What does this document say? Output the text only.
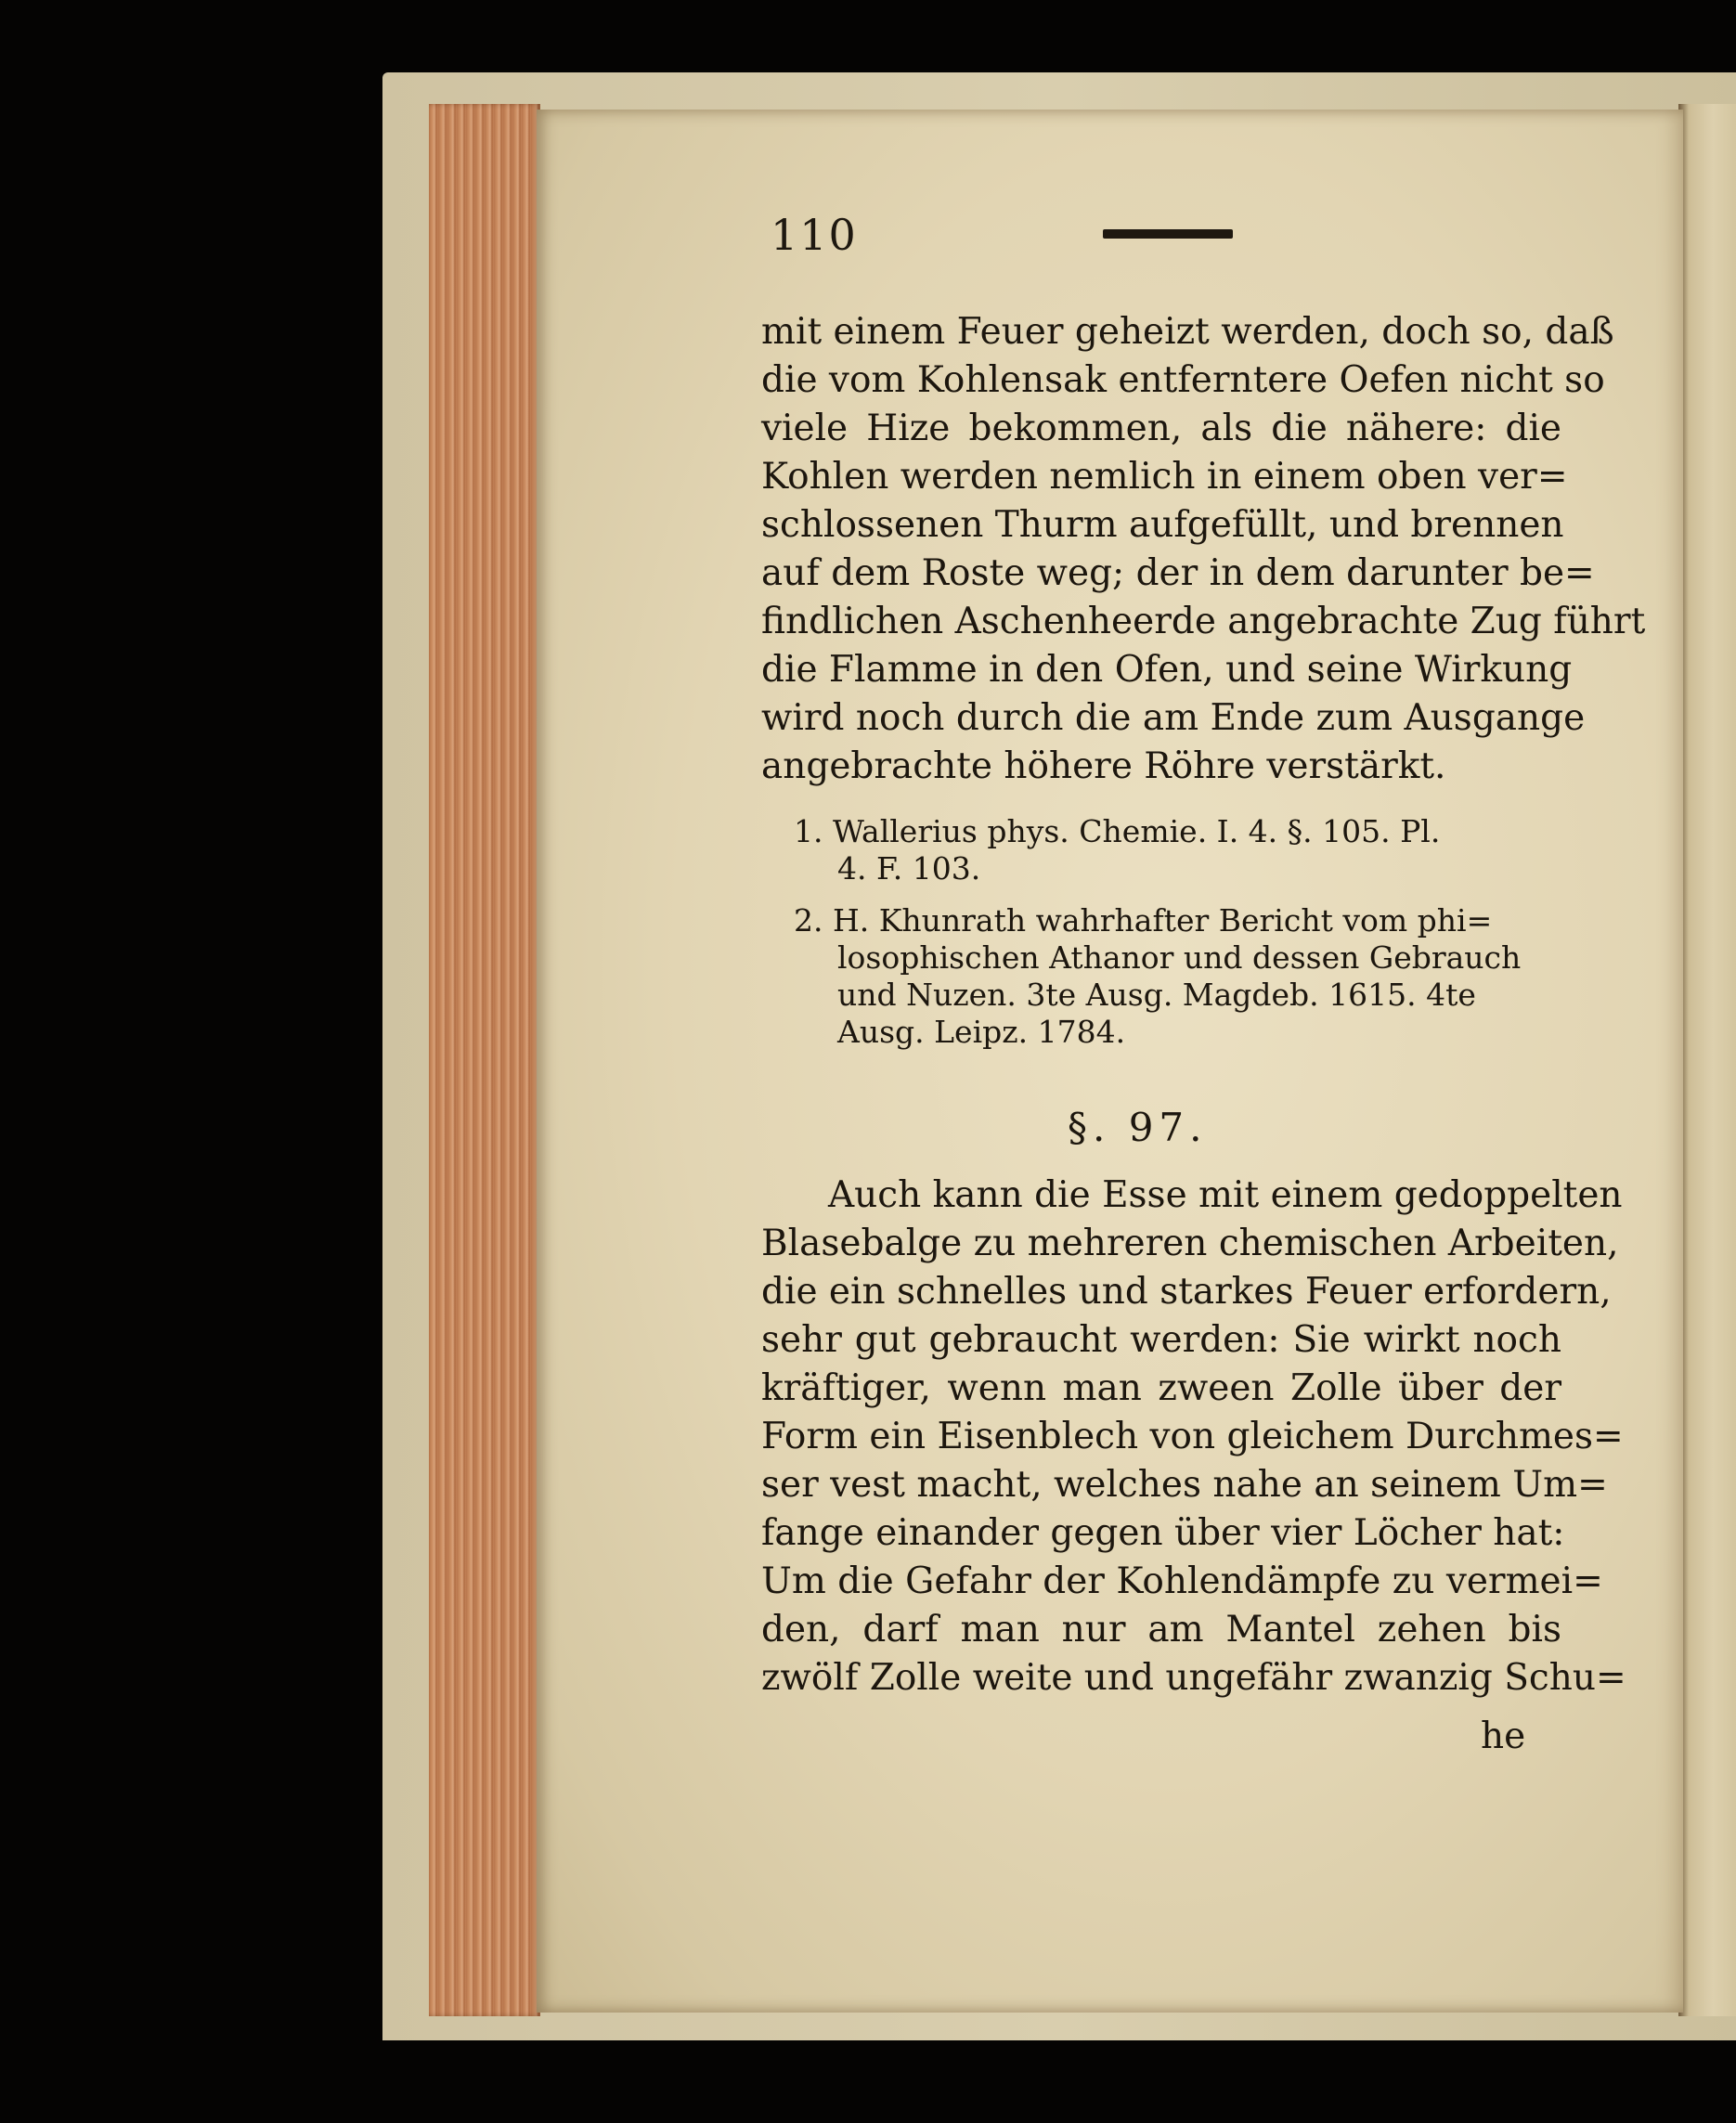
110
mit einem Feuer geheizt werden, doch so, daß
die vom Kohlensak entferntere Oefen nicht so
viele Hize bekommen, als die nähere: die
Kohlen werden nemlich in einem oben ver=
schlossenen Thurm aufgefüllt, und brennen
auf dem Roste weg; der in dem darunter be=
findlichen Aschenheerde angebrachte Zug führt
die Flamme in den Ofen, und seine Wirkung
wird noch durch die am Ende zum Ausgange
angebrachte höhere Röhre verstärkt.
1. Wallerius phys. Chemie. I. 4. §. 105. Pl.
4. F. 103.
2. H. Khunrath wahrhafter Bericht vom phi=
losophischen Athanor und dessen Gebrauch
und Nuzen. 3te Ausg. Magdeb. 1615. 4te
Ausg. Leipz. 1784.
§. 97.
Auch kann die Esse mit einem gedoppelten
Blasebalge zu mehreren chemischen Arbeiten,
die ein schnelles und starkes Feuer erfordern,
sehr gut gebraucht werden: Sie wirkt noch
kräftiger, wenn man zween Zolle über der
Form ein Eisenblech von gleichem Durchmes=
ser vest macht, welches nahe an seinem Um=
fange einander gegen über vier Löcher hat:
Um die Gefahr der Kohlendämpfe zu vermei=
den, darf man nur am Mantel zehen bis
zwölf Zolle weite und ungefähr zwanzig Schu=
he
